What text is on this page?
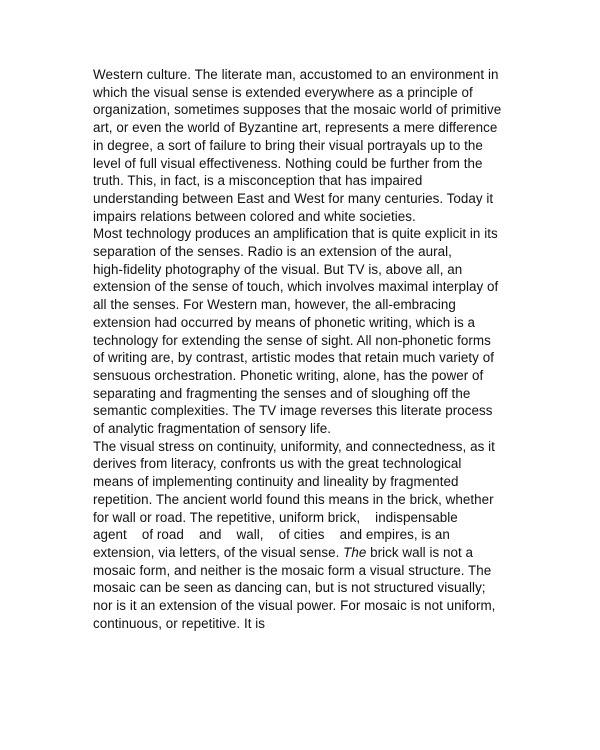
Western culture. The literate man, accustomed to an environment in
which the visual sense is extended everywhere as a principle of
organization, sometimes supposes that the mosaic world of primitive
art, or even the world of Byzantine art, represents a mere difference
in degree, a sort of failure to bring their visual portrayals up to the
level of full visual effectiveness. Nothing could be further from the
truth. This, in fact, is a misconception that has impaired
understanding between East and West for many centuries. Today it
impairs relations between colored and white societies.
Most technology produces an amplification that is quite explicit in its
separation of the senses. Radio is an extension of the aural,
high-fidelity photography of the visual. But TV is, above all, an
extension of the sense of touch, which involves maximal interplay of
all the senses. For Western man, however, the all-embracing
extension had occurred by means of phonetic writing, which is a
technology for extending the sense of sight. All non-phonetic forms
of writing are, by contrast, artistic modes that retain much variety of
sensuous orchestration. Phonetic writing, alone, has the power of
separating and fragmenting the senses and of sloughing off the
semantic complexities. The TV image reverses this literate process
of analytic fragmentation of sensory life.
The visual stress on continuity, uniformity, and connectedness, as it
derives from literacy, confronts us with the great technological
means of implementing continuity and lineality by fragmented
repetition. The ancient world found this means in the brick, whether
for wall or road. The repetitive, uniform brick,    indispensable
agent    of road    and    wall,    of cities    and empires, is an
extension, via letters, of the visual sense. The brick wall is not a
mosaic form, and neither is the mosaic form a visual structure. The
mosaic can be seen as dancing can, but is not structured visually;
nor is it an extension of the visual power. For mosaic is not uniform,
continuous, or repetitive. It is
